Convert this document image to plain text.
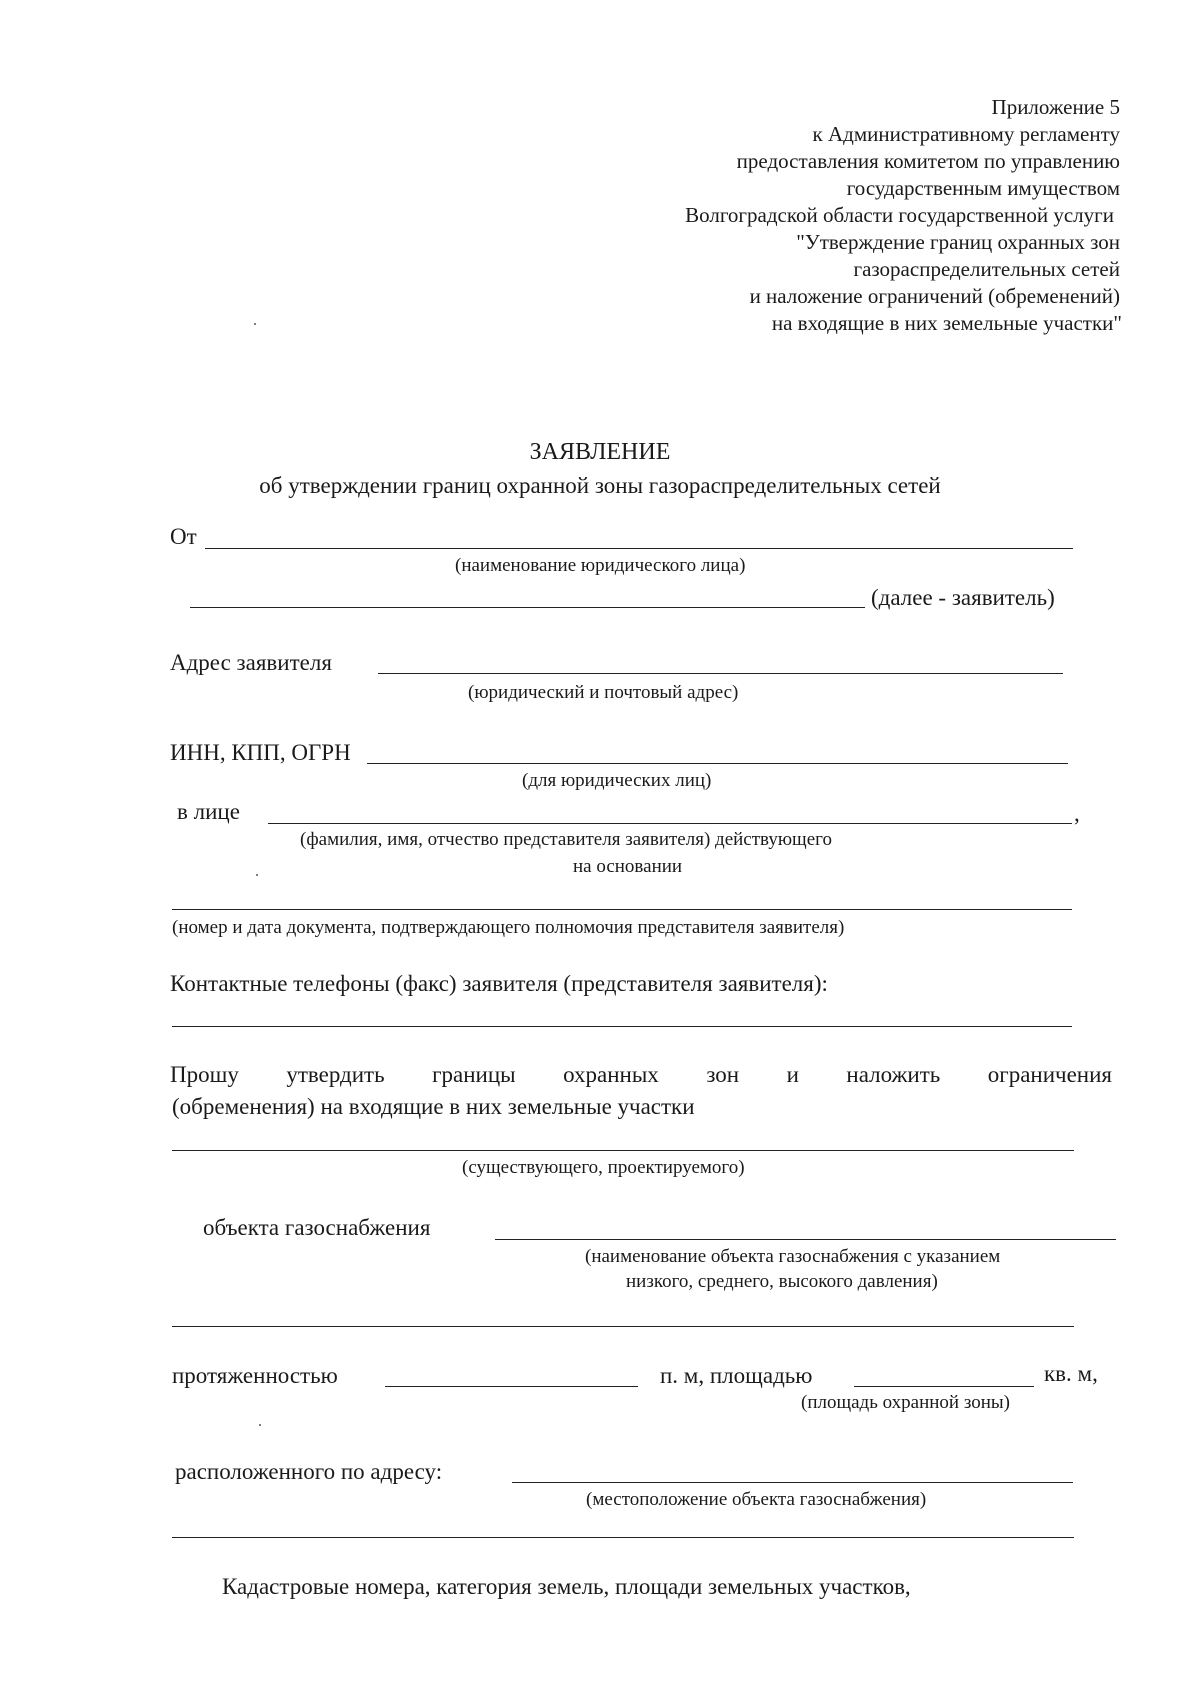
Приложение 5
к Административному регламенту
предоставления комитетом по управлению
государственным имуществом
Волгоградской области государственной услуги
"Утверждение границ охранных зон
газораспределительных сетей
и наложение ограничений (обременений)
на входящие в них земельные участки"
ЗАЯВЛЕНИЕ
об утверждении границ охранной зоны газораспределительных сетей
От
(наименование юридического лица)
(далее - заявитель)
Адрес заявителя
(юридический и почтовый адрес)
ИНН, КПП, ОГРН
(для юридических лиц)
в лице	,
(фамилия, имя, отчество представителя заявителя) действующего
на основании
(номер и дата документа, подтверждающего полномочия представителя заявителя)
Контактные телефоны (факс) заявителя (представителя заявителя):
Прошу утвердить границы охранных зон и наложить ограничения
(обременения) на входящие в них земельные участки
(существующего, проектируемого)
объекта газоснабжения
(наименование объекта газоснабжения с указанием
низкого, среднего, высокого давления)
протяженностью	п. м, площадью	кв. м,
(площадь охранной зоны)
расположенного по адресу:
(местоположение объекта газоснабжения)
Кадастровые номера, категория земель, площади земельных участков,
